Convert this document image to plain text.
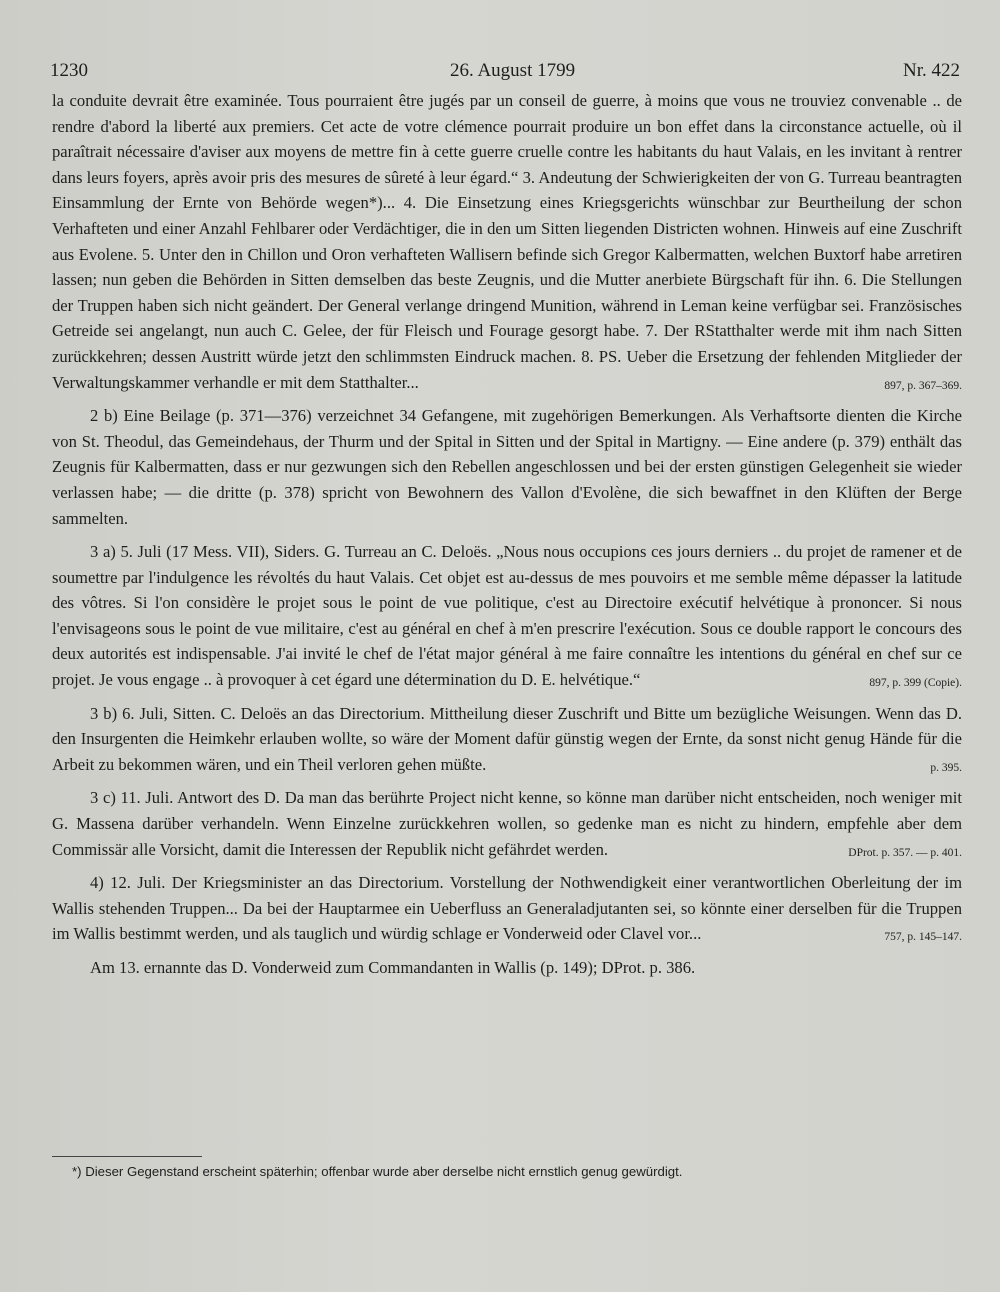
1230	26. August 1799	Nr. 422

la conduite devrait être examinée. Tous pourraient être jugés par un conseil de guerre, à moins que vous ne trouviez convenable .. de rendre d'abord la liberté aux premiers. Cet acte de votre clémence pourrait produire un bon effet dans la circonstance actuelle, où il paraîtrait nécessaire d'aviser aux moyens de mettre fin à cette guerre cruelle contre les habitants du haut Valais, en les invitant à rentrer dans leurs foyers, après avoir pris des mesures de sûreté à leur égard.“ 3. Andeutung der Schwierigkeiten der von G. Turreau beantragten Einsammlung der Ernte von Behörde wegen*)... 4. Die Einsetzung eines Kriegsgerichts wünschbar zur Beurtheilung der schon Verhafteten und einer Anzahl Fehlbarer oder Verdächtiger, die in den um Sitten liegenden Districten wohnen. Hinweis auf eine Zuschrift aus Evolene. 5. Unter den in Chillon und Oron verhafteten Wallisern befinde sich Gregor Kalbermatten, welchen Buxtorf habe arretiren lassen; nun geben die Behörden in Sitten demselben das beste Zeugnis, und die Mutter anerbiete Bürgschaft für ihn. 6. Die Stellungen der Truppen haben sich nicht geändert. Der General verlange dringend Munition, während in Leman keine verfügbar sei. Französisches Getreide sei angelangt, nun auch C. Gelee, der für Fleisch und Fourage gesorgt habe. 7. Der RStatthalter werde mit ihm nach Sitten zurückkehren; dessen Austritt würde jetzt den schlimmsten Eindruck machen. 8. PS. Ueber die Ersetzung der fehlenden Mitglieder der Verwaltungskammer verhandle er mit dem Statthalter...	897, p. 367–369.

2 b) Eine Beilage (p. 371—376) verzeichnet 34 Gefangene, mit zugehörigen Bemerkungen. Als Verhaftsorte dienten die Kirche von St. Theodul, das Gemeindehaus, der Thurm und der Spital in Sitten und der Spital in Martigny. — Eine andere (p. 379) enthält das Zeugnis für Kalbermatten, dass er nur gezwungen sich den Rebellen angeschlossen und bei der ersten günstigen Gelegenheit sie wieder verlassen habe; — die dritte (p. 378) spricht von Bewohnern des Vallon d'Evolène, die sich bewaffnet in den Klüften der Berge sammelten.

3 a) 5. Juli (17 Mess. VII), Siders. G. Turreau an C. Deloës. „Nous nous occupions ces jours derniers .. du projet de ramener et de soumettre par l'indulgence les révoltés du haut Valais. Cet objet est au-dessus de mes pouvoirs et me semble même dépasser la latitude des vôtres. Si l'on considère le projet sous le point de vue politique, c'est au Directoire exécutif helvétique à prononcer. Si nous l'envisageons sous le point de vue militaire, c'est au général en chef à m'en prescrire l'exécution. Sous ce double rapport le concours des deux autorités est indispensable. J'ai invité le chef de l'état major général à me faire connaître les intentions du général en chef sur ce projet. Je vous engage .. à provoquer à cet égard une détermination du D. E. helvétique.“	897, p. 399 (Copie).

3 b) 6. Juli, Sitten. C. Deloës an das Directorium. Mittheilung dieser Zuschrift und Bitte um bezügliche Weisungen. Wenn das D. den Insurgenten die Heimkehr erlauben wollte, so wäre der Moment dafür günstig wegen der Ernte, da sonst nicht genug Hände für die Arbeit zu bekommen wären, und ein Theil verloren gehen müßte.	p. 395.

3 c) 11. Juli. Antwort des D. Da man das berührte Project nicht kenne, so könne man darüber nicht entscheiden, noch weniger mit G. Massena darüber verhandeln. Wenn Einzelne zurückkehren wollen, so gedenke man es nicht zu hindern, empfehle aber dem Commissär alle Vorsicht, damit die Interessen der Republik nicht gefährdet werden.	DProt. p. 357. — p. 401.

4) 12. Juli. Der Kriegsminister an das Directorium. Vorstellung der Nothwendigkeit einer verantwortlichen Oberleitung der im Wallis stehenden Truppen... Da bei der Hauptarmee ein Ueberfluss an Generaladjutanten sei, so könnte einer derselben für die Truppen im Wallis bestimmt werden, und als tauglich und würdig schlage er Vonderweid oder Clavel vor...	757, p. 145–147.

Am 13. ernannte das D. Vonderweid zum Commandanten in Wallis (p. 149); DProt. p. 386.

*) Dieser Gegenstand erscheint späterhin; offenbar wurde aber derselbe nicht ernstlich genug gewürdigt.
